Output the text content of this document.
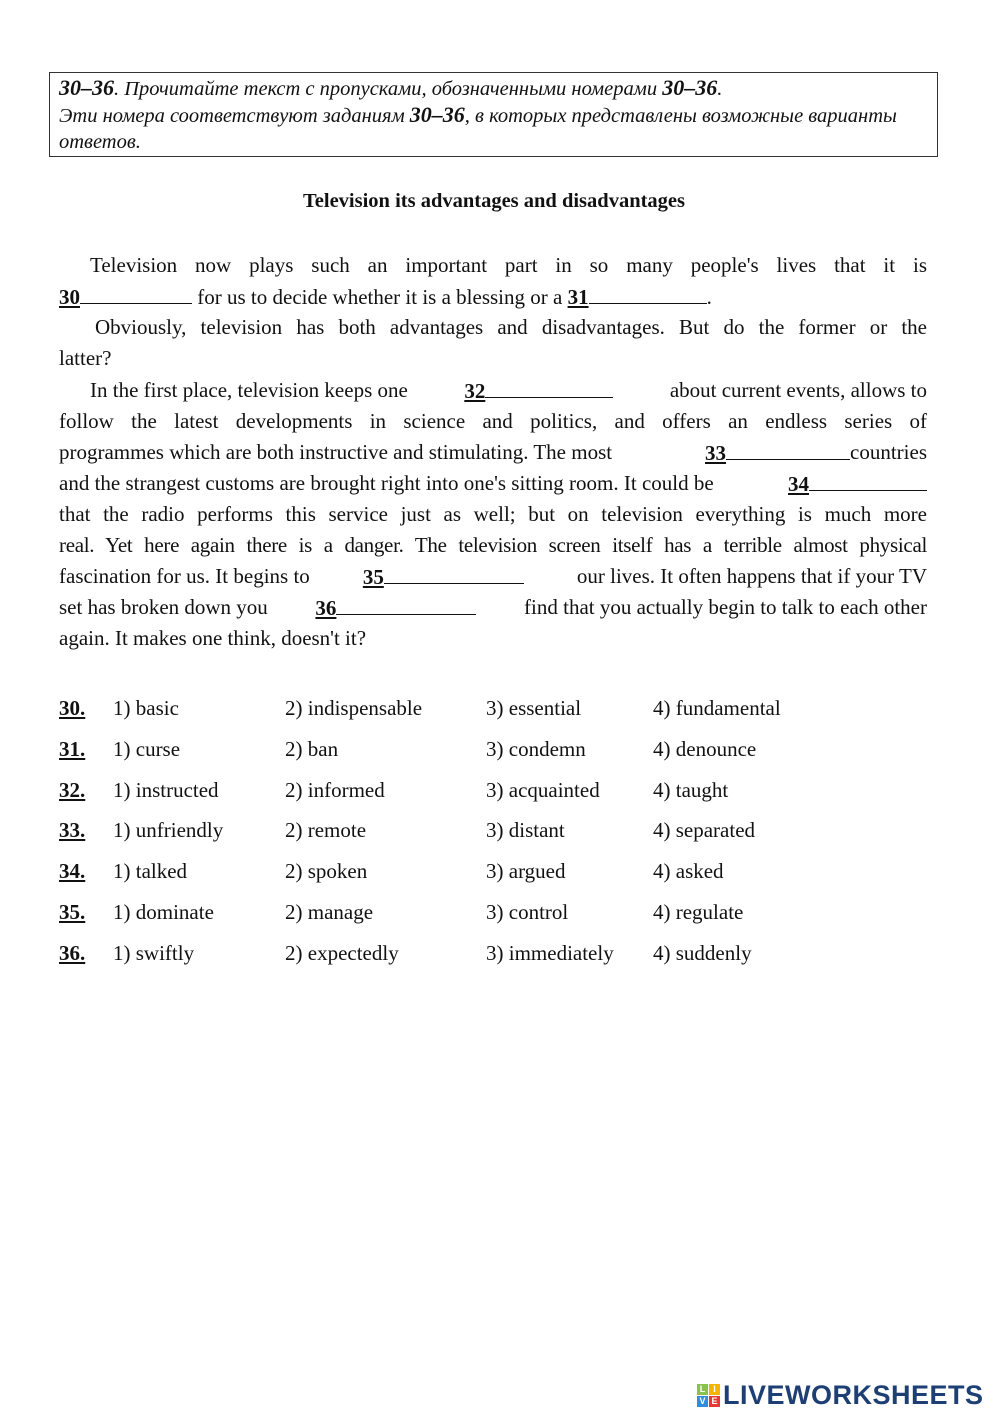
30–36. Прочитайте текст с пропусками, обозначенными номерами 30–36.
Эти номера соответствуют заданиям 30–36, в которых представлены возможные варианты ответов.
Television its advantages and disadvantages
Television now plays such an important part in so many people's lives that it is
30	for us to decide whether it is a blessing or a 31	.
Obviously, television has both advantages and disadvantages. But do the former or the
latter?
In the first place, television keeps one	32	about current events, allows to
follow the latest developments in science and politics, and offers an endless series of
programmes which are both instructive and stimulating. The most	33	countries
and the strangest customs are brought right into one's sitting room. It could be	34
that the radio performs this service just as well; but on television everything is much more
real. Yet here again there is a danger. The television screen itself has a terrible almost physical
fascination for us. It begins to	35	our lives. It often happens that if your TV
set has broken down you 36	find that you actually begin to talk to each other
again. It makes one think, doesn't it?
30. 1) basic	2) indispensable	3) essential	4) fundamental
31. 1) curse	2) ban	3) condemn	4) denounce
32. 1) instructed	2) informed	3) acquainted	4) taught
33. 1) unfriendly	2) remote	3) distant	4) separated
34. 1) talked	2) spoken	3) argued	4) asked
35. 1) dominate	2) manage	3) control	4) regulate
36. 1) swiftly	2) expectedly	3) immediately 4) suddenly
L I
V E LIVEWORKSHEETS
